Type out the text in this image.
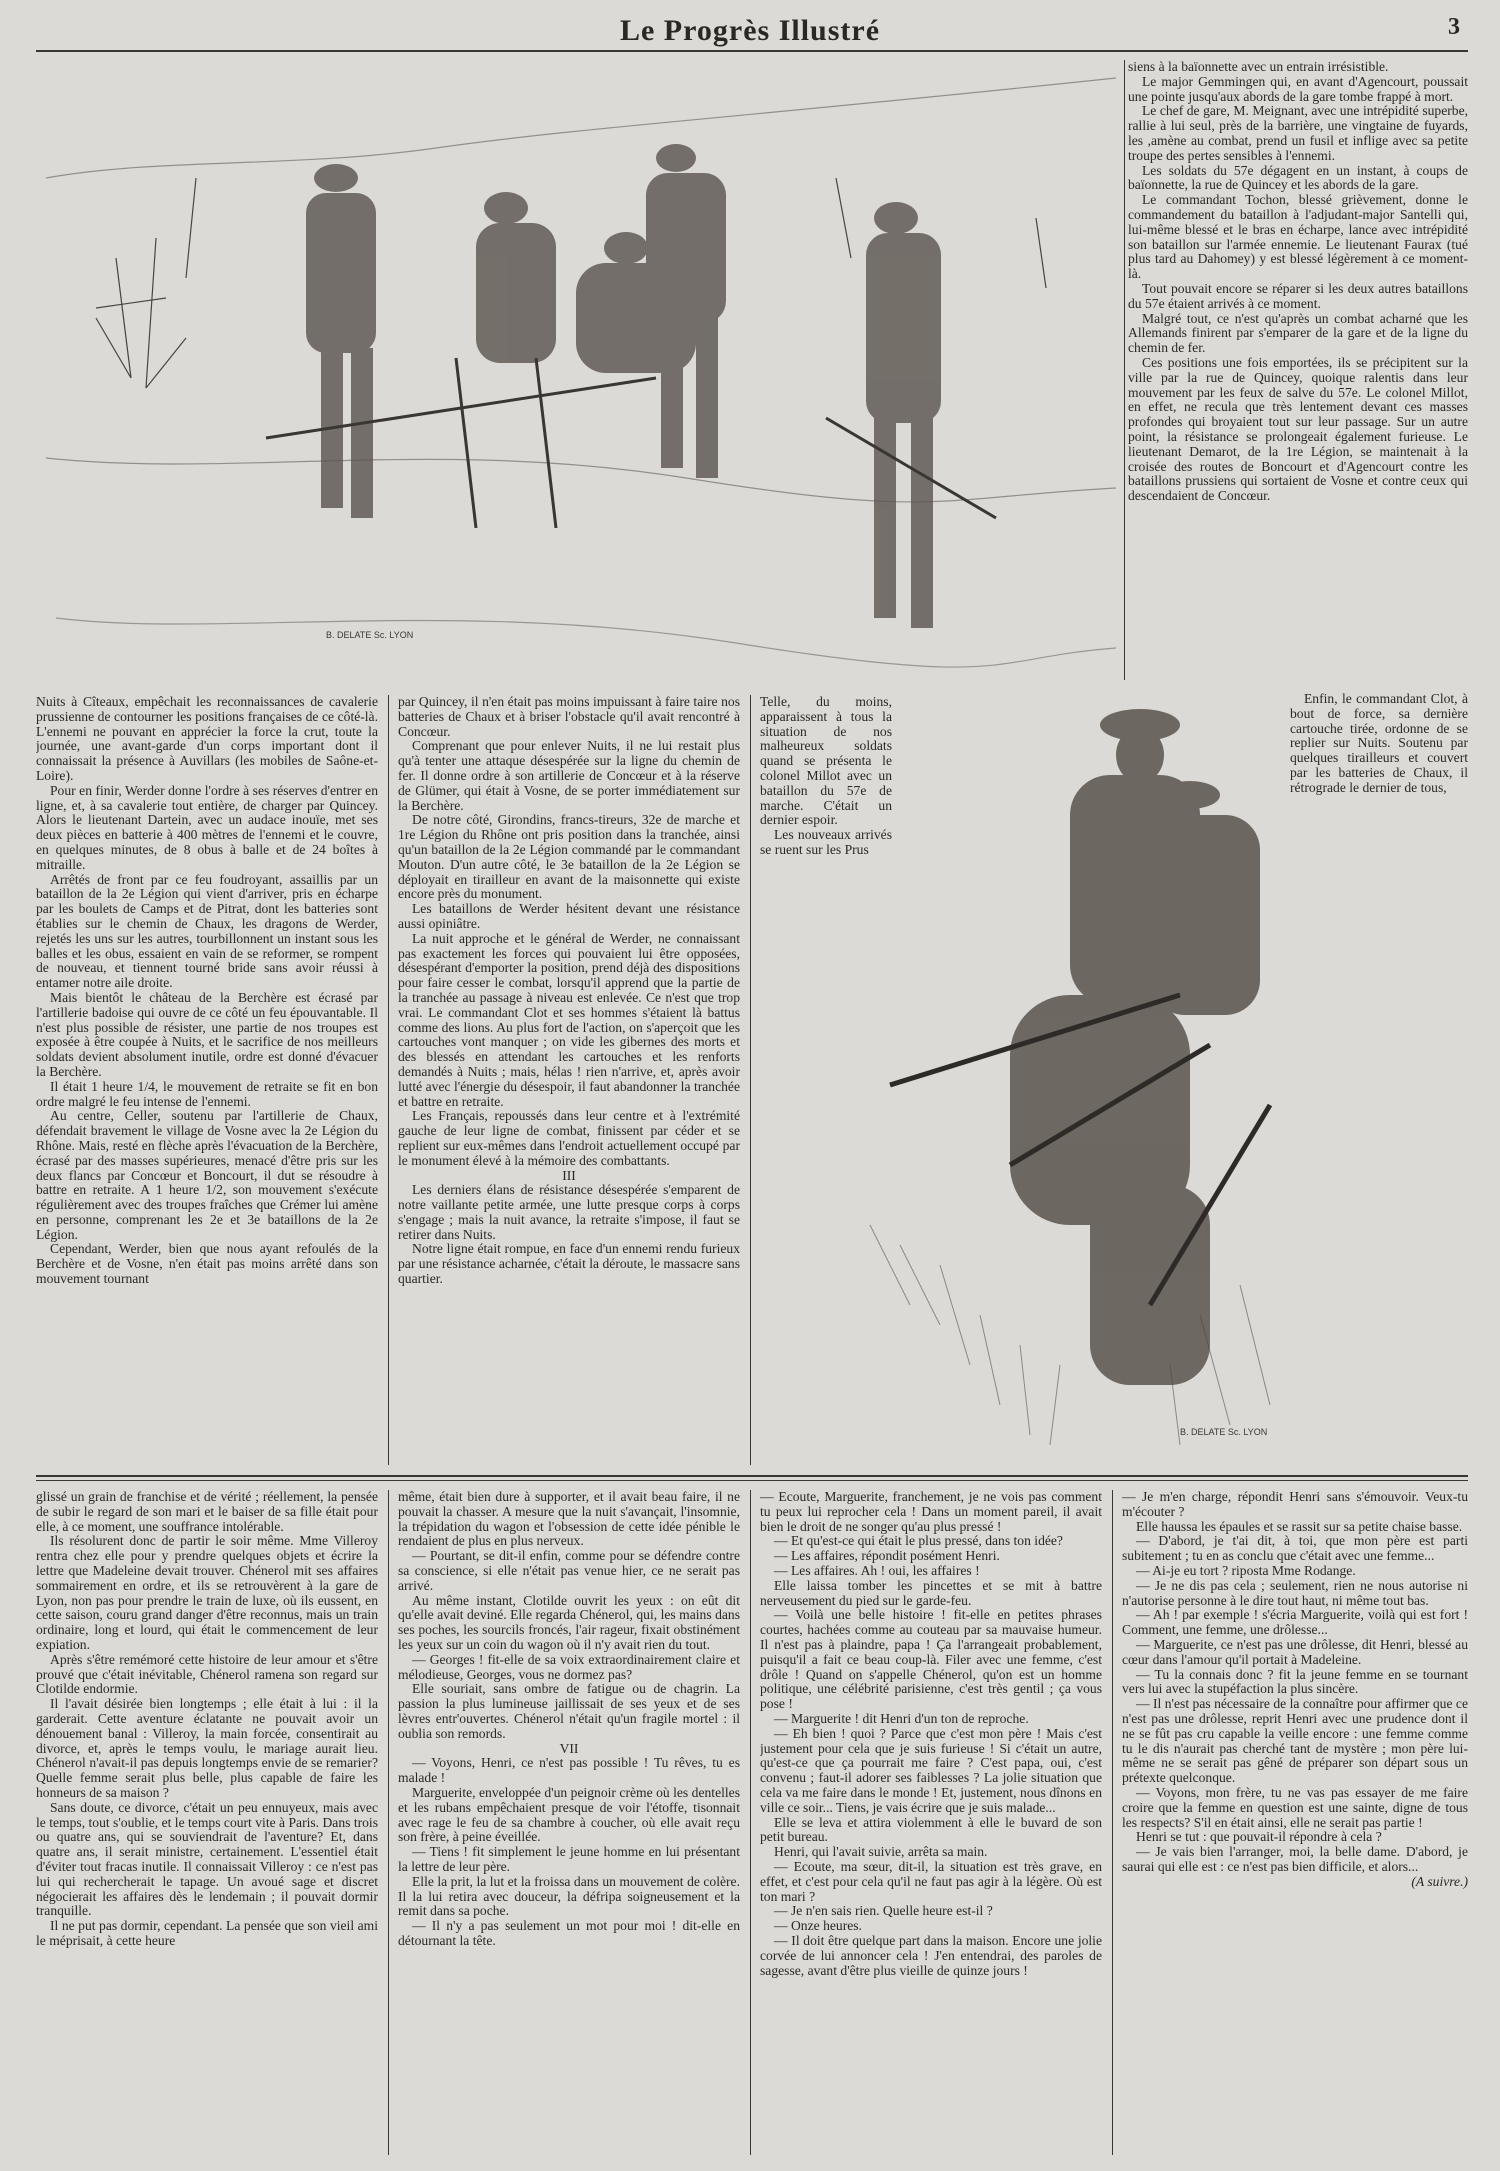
Le Progrès Illustré	3
B. DELATE Sc. LYON

siens à la baïonnette avec un entrain irrésistible.

Le major Gemmingen qui, en avant d'Agencourt, poussait une pointe jusqu'aux abords de la gare tombe frappé à mort.

Le chef de gare, M. Meignant, avec une intrépidité superbe, rallie à lui seul, près de la barrière, une vingtaine de fuyards, les ,amène au combat, prend un fusil et inflige avec sa petite troupe des pertes sensibles à l'ennemi.

Les soldats du 57e dégagent en un instant, à coups de baïonnette, la rue de Quincey et les abords de la gare.

Le commandant Tochon, blessé grièvement, donne le commandement du bataillon à l'adjudant-major Santelli qui, lui-même blessé et le bras en écharpe, lance avec intrépidité son bataillon sur l'armée ennemie. Le lieutenant Faurax (tué plus tard au Dahomey) y est blessé légèrement à ce moment-là.

Tout pouvait encore se réparer si les deux autres bataillons du 57e étaient arrivés à ce moment.

Malgré tout, ce n'est qu'après un combat acharné que les Allemands finirent par s'emparer de la gare et de la ligne du chemin de fer.

Ces positions une fois emportées, ils se précipitent sur la ville par la rue de Quincey, quoique ralentis dans leur mouvement par les feux de salve du 57e. Le colonel Millot, en effet, ne recula que très lentement devant ces masses profondes qui broyaient tout sur leur passage. Sur un autre point, la résistance se prolongeait également furieuse. Le lieutenant Demarot, de la 1re Légion, se maintenait à la croisée des routes de Boncourt et d'Agencourt contre les bataillons prussiens qui sortaient de Vosne et contre ceux qui descendaient de Concœur.

Enfin, le commandant Clot, à bout de force, sa dernière cartouche tirée, ordonne de se replier sur Nuits. Soutenu par quelques tirailleurs et couvert par les batteries de Chaux, il rétrograde le dernier de tous,

Nuits à Cîteaux, empêchait les reconnaissances de cavalerie prussienne de contourner les positions françaises de ce côté-là. L'ennemi ne pouvant en apprécier la force la crut, toute la journée, une avant-garde d'un corps important dont il connaissait la présence à Auvillars (les mobiles de Saône-et-Loire).

Pour en finir, Werder donne l'ordre à ses réserves d'entrer en ligne, et, à sa cavalerie tout entière, de charger par Quincey. Alors le lieutenant Dartein, avec un audace inouïe, met ses deux pièces en batterie à 400 mètres de l'ennemi et le couvre, en quelques minutes, de 8 obus à balle et de 24 boîtes à mitraille.

Arrêtés de front par ce feu foudroyant, assaillis par un bataillon de la 2e Légion qui vient d'arriver, pris en écharpe par les boulets de Camps et de Pitrat, dont les batteries sont établies sur le chemin de Chaux, les dragons de Werder, rejetés les uns sur les autres, tourbillonnent un instant sous les balles et les obus, essaient en vain de se reformer, se rompent de nouveau, et tiennent tourné bride sans avoir réussi à entamer notre aile droite.

Mais bientôt le château de la Berchère est écrasé par l'artillerie badoise qui ouvre de ce côté un feu épouvantable. Il n'est plus possible de résister, une partie de nos troupes est exposée à être coupée à Nuits, et le sacrifice de nos meilleurs soldats devient absolument inutile, ordre est donné d'évacuer la Berchère.

Il était 1 heure 1/4, le mouvement de retraite se fit en bon ordre malgré le feu intense de l'ennemi.

Au centre, Celler, soutenu par l'artillerie de Chaux, défendait bravement le village de Vosne avec la 2e Légion du Rhône. Mais, resté en flèche après l'évacuation de la Berchère, écrasé par des masses supérieures, menacé d'être pris sur les deux flancs par Concœur et Boncourt, il dut se résoudre à battre en retraite. A 1 heure 1/2, son mouvement s'exécute régulièrement avec des troupes fraîches que Crémer lui amène en personne, comprenant les 2e et 3e bataillons de la 2e Légion.

Cependant, Werder, bien que nous ayant refoulés de la Berchère et de Vosne, n'en était pas moins arrêté dans son mouvement tournant

par Quincey, il n'en était pas moins impuissant à faire taire nos batteries de Chaux et à briser l'obstacle qu'il avait rencontré à Concœur.

Comprenant que pour enlever Nuits, il ne lui restait plus qu'à tenter une attaque désespérée sur la ligne du chemin de fer. Il donne ordre à son artillerie de Concœur et à la réserve de Glümer, qui était à Vosne, de se porter immédiatement sur la Berchère.

De notre côté, Girondins, francs-tireurs, 32e de marche et 1re Légion du Rhône ont pris position dans la tranchée, ainsi qu'un bataillon de la 2e Légion commandé par le commandant Mouton. D'un autre côté, le 3e bataillon de la 2e Légion se déployait en tirailleur en avant de la maisonnette qui existe encore près du monument.

Les bataillons de Werder hésitent devant une résistance aussi opiniâtre.

La nuit approche et le général de Werder, ne connaissant pas exactement les forces qui pouvaient lui être opposées, désespérant d'emporter la position, prend déjà des dispositions pour faire cesser le combat, lorsqu'il apprend que la partie de la tranchée au passage à niveau est enlevée. Ce n'est que trop vrai. Le commandant Clot et ses hommes s'étaient là battus comme des lions. Au plus fort de l'action, on s'aperçoit que les cartouches vont manquer ; on vide les gibernes des morts et des blessés en attendant les cartouches et les renforts demandés à Nuits ; mais, hélas ! rien n'arrive, et, après avoir lutté avec l'énergie du désespoir, il faut abandonner la tranchée et battre en retraite.

Les Français, repoussés dans leur centre et à l'extrémité gauche de leur ligne de combat, finissent par céder et se replient sur eux-mêmes dans l'endroit actuellement occupé par le monument élevé à la mémoire des combattants.

III

Les derniers élans de résistance désespérée s'emparent de notre vaillante petite armée, une lutte presque corps à corps s'engage ; mais la nuit avance, la retraite s'impose, il faut se retirer dans Nuits.

Notre ligne était rompue, en face d'un ennemi rendu furieux par une résistance acharnée, c'était la déroute, le massacre sans quartier.

Telle, du moins, apparaissent à tous la situation de nos malheureux soldats quand se présenta le colonel Millot avec un bataillon du 57e de marche. C'était un dernier espoir.

Les nouveaux arrivés se ruent sur les Prus

B. DELATE Sc. LYON

glissé un grain de franchise et de vérité ; réellement, la pensée de subir le regard de son mari et le baiser de sa fille était pour elle, à ce moment, une souffrance intolérable.

Ils résolurent donc de partir le soir même. Mme Villeroy rentra chez elle pour y prendre quelques objets et écrire la lettre que Madeleine devait trouver. Chénerol mit ses affaires sommairement en ordre, et ils se retrouvèrent à la gare de Lyon, non pas pour prendre le train de luxe, où ils eussent, en cette saison, couru grand danger d'être reconnus, mais un train ordinaire, long et lourd, qui était le commencement de leur expiation.

Après s'être remémoré cette histoire de leur amour et s'être prouvé que c'était inévitable, Chénerol ramena son regard sur Clotilde endormie.

Il l'avait désirée bien longtemps ; elle était à lui : il la garderait. Cette aventure éclatante ne pouvait avoir un dénouement banal : Villeroy, la main forcée, consentirait au divorce, et, après le temps voulu, le mariage aurait lieu. Chénerol n'avait-il pas depuis longtemps envie de se remarier? Quelle femme serait plus belle, plus capable de faire les honneurs de sa maison ?

Sans doute, ce divorce, c'était un peu ennuyeux, mais avec le temps, tout s'oublie, et le temps court vite à Paris. Dans trois ou quatre ans, qui se souviendrait de l'aventure? Et, dans quatre ans, il serait ministre, certainement. L'essentiel était d'éviter tout fracas inutile. Il connaissait Villeroy : ce n'est pas lui qui rechercherait le tapage. Un avoué sage et discret négocierait les affaires dès le lendemain ; il pouvait dormir tranquille.

Il ne put pas dormir, cependant. La pensée que son vieil ami le méprisait, à cette heure

même, était bien dure à supporter, et il avait beau faire, il ne pouvait la chasser. A mesure que la nuit s'avançait, l'insomnie, la trépidation du wagon et l'obsession de cette idée pénible le rendaient de plus en plus nerveux.

— Pourtant, se dit-il enfin, comme pour se défendre contre sa conscience, si elle n'était pas venue hier, ce ne serait pas arrivé.

Au même instant, Clotilde ouvrit les yeux : on eût dit qu'elle avait deviné. Elle regarda Chénerol, qui, les mains dans ses poches, les sourcils froncés, l'air rageur, fixait obstinément les yeux sur un coin du wagon où il n'y avait rien du tout.

— Georges ! fit-elle de sa voix extraordinairement claire et mélodieuse, Georges, vous ne dormez pas?

Elle souriait, sans ombre de fatigue ou de chagrin. La passion la plus lumineuse jaillissait de ses yeux et de ses lèvres entr'ouvertes. Chénerol n'était qu'un fragile mortel : il oublia son remords.

VII

— Voyons, Henri, ce n'est pas possible ! Tu rêves, tu es malade !

Marguerite, enveloppée d'un peignoir crème où les dentelles et les rubans empêchaient presque de voir l'étoffe, tisonnait avec rage le feu de sa chambre à coucher, où elle avait reçu son frère, à peine éveillée.

— Tiens ! fit simplement le jeune homme en lui présentant la lettre de leur père.

Elle la prit, la lut et la froissa dans un mouvement de colère. Il la lui retira avec douceur, la défripa soigneusement et la remit dans sa poche.

— Il n'y a pas seulement un mot pour moi ! dit-elle en détournant la tête.

— Ecoute, Marguerite, franchement, je ne vois pas comment tu peux lui reprocher cela ! Dans un moment pareil, il avait bien le droit de ne songer qu'au plus pressé !

— Et qu'est-ce qui était le plus pressé, dans ton idée?

— Les affaires, répondit posément Henri.

— Les affaires. Ah ! oui, les affaires !

Elle laissa tomber les pincettes et se mit à battre nerveusement du pied sur le garde-feu.

— Voilà une belle histoire ! fit-elle en petites phrases courtes, hachées comme au couteau par sa mauvaise humeur. Il n'est pas à plaindre, papa ! Ça l'arrangeait probablement, puisqu'il a fait ce beau coup-là. Filer avec une femme, c'est drôle ! Quand on s'appelle Chénerol, qu'on est un homme politique, une célébrité parisienne, c'est très gentil ; ça vous pose !

— Marguerite ! dit Henri d'un ton de reproche.

— Eh bien ! quoi ? Parce que c'est mon père ! Mais c'est justement pour cela que je suis furieuse ! Si c'était un autre, qu'est-ce que ça pourrait me faire ? C'est papa, oui, c'est convenu ; faut-il adorer ses faiblesses ? La jolie situation que cela va me faire dans le monde ! Et, justement, nous dînons en ville ce soir... Tiens, je vais écrire que je suis malade...

Elle se leva et attira violemment à elle le buvard de son petit bureau.

Henri, qui l'avait suivie, arrêta sa main.

— Ecoute, ma sœur, dit-il, la situation est très grave, en effet, et c'est pour cela qu'il ne faut pas agir à la légère. Où est ton mari ?

— Je n'en sais rien. Quelle heure est-il ?

— Onze heures.

— Il doit être quelque part dans la maison. Encore une jolie corvée de lui annoncer cela ! J'en entendrai, des paroles de sagesse, avant d'être plus vieille de quinze jours !

— Je m'en charge, répondit Henri sans s'émouvoir. Veux-tu m'écouter ?

Elle haussa les épaules et se rassit sur sa petite chaise basse.

— D'abord, je t'ai dit, à toi, que mon père est parti subitement ; tu en as conclu que c'était avec une femme...

— Ai-je eu tort ? riposta Mme Rodange.

— Je ne dis pas cela ; seulement, rien ne nous autorise ni n'autorise personne à le dire tout haut, ni même tout bas.

— Ah ! par exemple ! s'écria Marguerite, voilà qui est fort ! Comment, une femme, une drôlesse...

— Marguerite, ce n'est pas une drôlesse, dit Henri, blessé au cœur dans l'amour qu'il portait à Madeleine.

— Tu la connais donc ? fit la jeune femme en se tournant vers lui avec la stupéfaction la plus sincère.

— Il n'est pas nécessaire de la connaître pour affirmer que ce n'est pas une drôlesse, reprit Henri avec une prudence dont il ne se fût pas cru capable la veille encore : une femme comme tu le dis n'aurait pas cherché tant de mystère ; mon père lui-même ne se serait pas gêné de préparer son départ sous un prétexte quelconque.

— Voyons, mon frère, tu ne vas pas essayer de me faire croire que la femme en question est une sainte, digne de tous les respects? S'il en était ainsi, elle ne serait pas partie !

Henri se tut : que pouvait-il répondre à cela ?

— Je vais bien l'arranger, moi, la belle dame. D'abord, je saurai qui elle est : ce n'est pas bien difficile, et alors...

(A suivre.)
